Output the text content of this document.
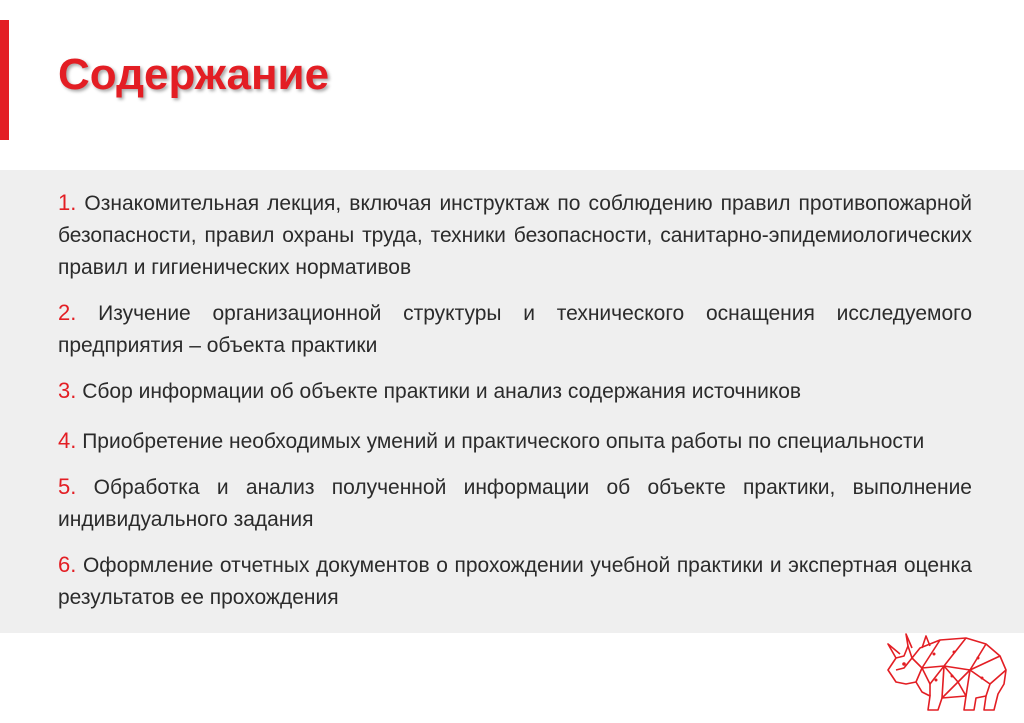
Содержание

1. Ознакомительная лекция, включая инструктаж по соблюдению правил противопожарной безопасности, правил охраны труда, техники безопасности, санитарно-эпидемиологических правил и гигиенических нормативов

2. Изучение организационной структуры и технического оснащения исследуемого предприятия – объекта практики

3. Сбор информации об объекте практики и анализ содержания источников

4. Приобретение необходимых умений и практического опыта работы по специальности

5. Обработка и анализ полученной информации об объекте практики, выполнение индивидуального задания

6. Оформление отчетных документов о прохождении учебной практики и экспертная оценка результатов ее прохождения
